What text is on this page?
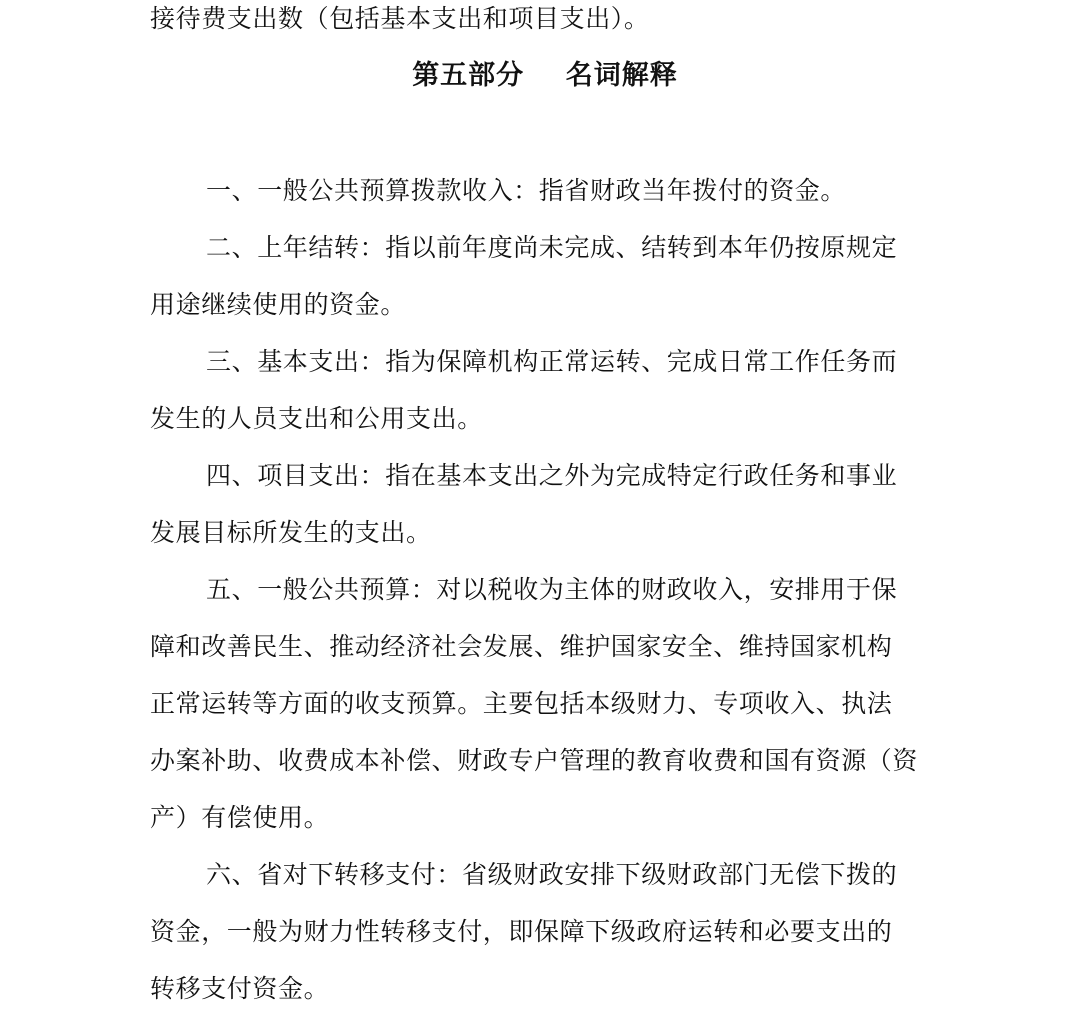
接待费支出数（包括基本支出和项目支出）。
第五部分    名词解释
一、一般公共预算拨款收入：指省财政当年拨付的资金。
二、上年结转：指以前年度尚未完成、结转到本年仍按原规定
用途继续使用的资金。
三、基本支出：指为保障机构正常运转、完成日常工作任务而
发生的人员支出和公用支出。
四、项目支出：指在基本支出之外为完成特定行政任务和事业
发展目标所发生的支出。
五、一般公共预算：对以税收为主体的财政收入，安排用于保
障和改善民生、推动经济社会发展、维护国家安全、维持国家机构
正常运转等方面的收支预算。主要包括本级财力、专项收入、执法
办案补助、收费成本补偿、财政专户管理的教育收费和国有资源（资
产）有偿使用。
六、省对下转移支付：省级财政安排下级财政部门无偿下拨的
资金，一般为财力性转移支付，即保障下级政府运转和必要支出的
转移支付资金。
